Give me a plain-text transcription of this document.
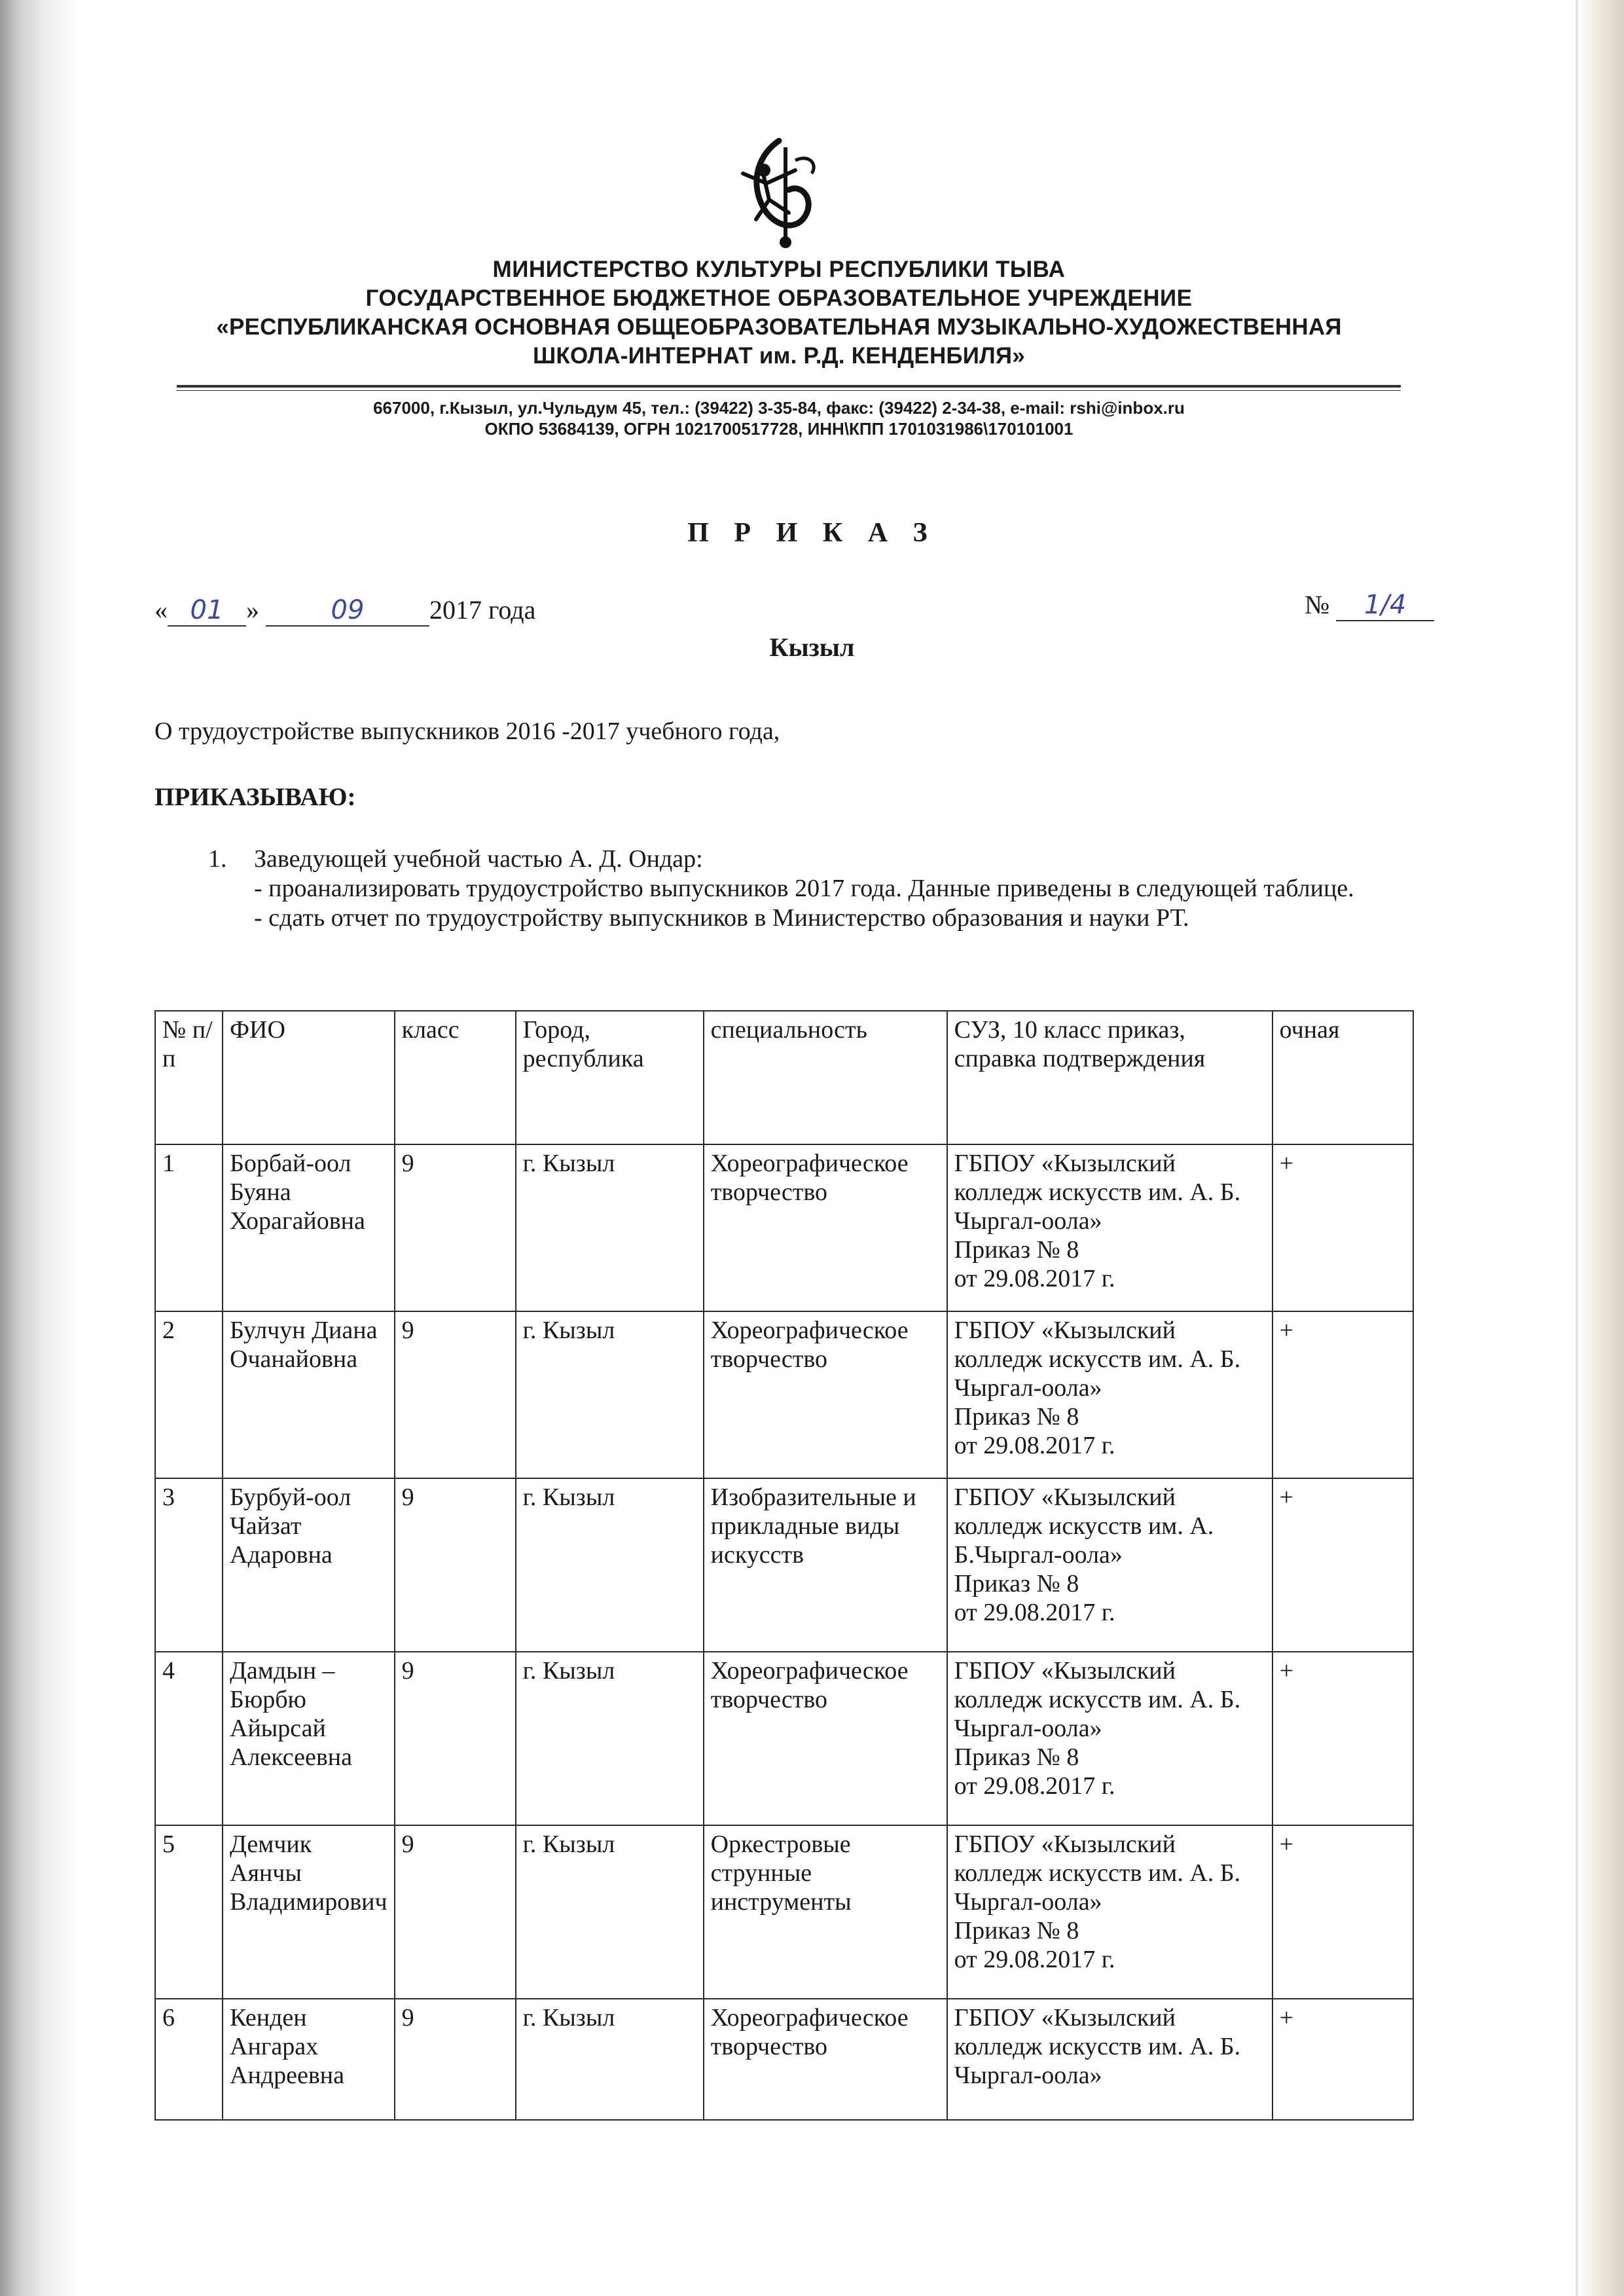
МИНИСТЕРСТВО КУЛЬТУРЫ РЕСПУБЛИКИ ТЫВА
ГОСУДАРСТВЕННОЕ БЮДЖЕТНОЕ ОБРАЗОВАТЕЛЬНОЕ УЧРЕЖДЕНИЕ
«РЕСПУБЛИКАНСКАЯ ОСНОВНАЯ ОБЩЕОБРАЗОВАТЕЛЬНАЯ МУЗЫКАЛЬНО-ХУДОЖЕСТВЕННАЯ
ШКОЛА-ИНТЕРНАТ им. Р.Д. КЕНДЕНБИЛЯ»
667000, г.Кызыл, ул.Чульдум 45, тел.: (39422) 3-35-84, факс: (39422) 2-34-38, e-mail: rshi@inbox.ru
ОКПО 53684139, ОГРН 1021700517728, ИНН\КПП 1701031986\170101001
П Р И К А З
« 01 »	09 2017 года	№ 1/4
Кызыл
О трудоустройстве выпускников 2016 -2017 учебного года,
ПРИКАЗЫВАЮ:
1.	Заведующей учебной частью А. Д. Ондар:
- проанализировать трудоустройство выпускников 2017 года. Данные приведены в следующей таблице.
- сдать отчет по трудоустройству выпускников в Министерство образования и науки РТ.
№ п/п	ФИО	класс	Город, республика	специальность	СУЗ, 10 класс приказ, справка подтверждения	очная
1	Борбай-оол Буяна Хорагайовна	9	г. Кызыл	Хореографическое творчество	ГБПОУ «Кызылский колледж искусств им. А. Б. Чыргал-оола»
Приказ № 8
от 29.08.2017 г.	+
2	Булчун Диана Очанайовна	9	г. Кызыл	Хореографическое творчество	ГБПОУ «Кызылский колледж искусств им. А. Б. Чыргал-оола»
Приказ № 8
от 29.08.2017 г.	+
3	Бурбуй-оол Чайзат Адаровна	9	г. Кызыл	Изобразительные и прикладные виды искусств	ГБПОУ «Кызылский колледж искусств им. А. Б.Чыргал-оола»
Приказ № 8
от 29.08.2017 г.	+
4	Дамдын – Бюрбю Айырсай Алексеевна	9	г. Кызыл	Хореографическое творчество	ГБПОУ «Кызылский колледж искусств им. А. Б. Чыргал-оола»
Приказ № 8
от 29.08.2017 г.	+
5	Демчик Аянчы Владимирович	9	г. Кызыл	Оркестровые струнные инструменты	ГБПОУ «Кызылский колледж искусств им. А. Б. Чыргал-оола»
Приказ № 8
от 29.08.2017 г.	+
6	Кенден Ангарах Андреевна	9	г. Кызыл	Хореографическое творчество	ГБПОУ «Кызылский колледж искусств им. А. Б. Чыргал-оола»	+
